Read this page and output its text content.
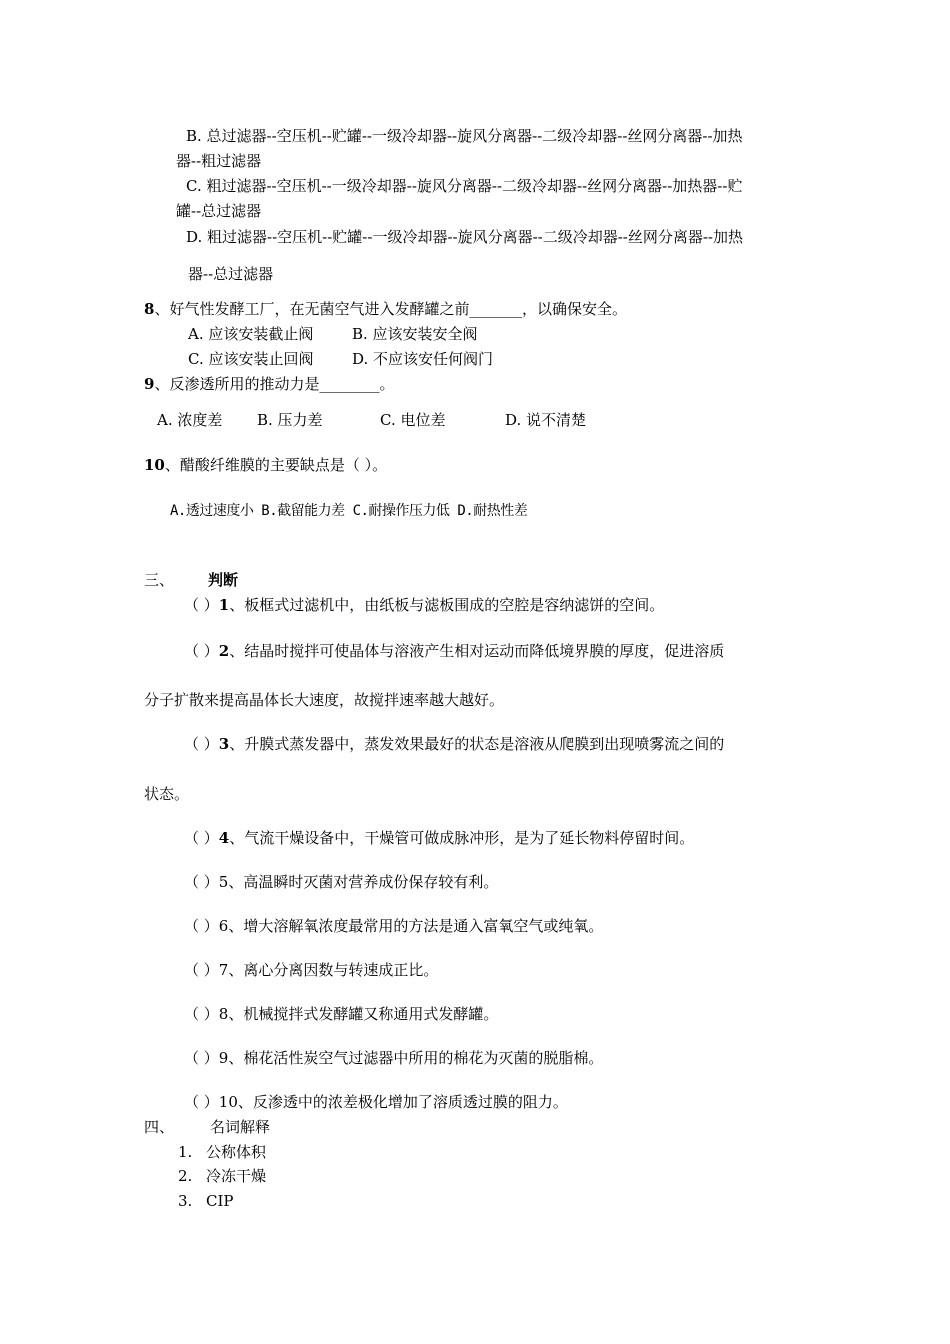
B. 总过滤器--空压机--贮罐--一级冷却器--旋风分离器--二级冷却器--丝网分离器--加热
器--粗过滤器
C. 粗过滤器--空压机--一级冷却器--旋风分离器--二级冷却器--丝网分离器--加热器--贮
罐--总过滤器
D. 粗过滤器--空压机--贮罐--一级冷却器--旋风分离器--二级冷却器--丝网分离器--加热
器--总过滤器
8、好气性发酵工厂，在无菌空气进入发酵罐之前_______，以确保安全。
A. 应该安装截止阀	B. 应该安装安全阀
C. 应该安装止回阀	D. 不应该安任何阀门
9、反渗透所用的推动力是________。
A. 浓度差 B. 压力差	C. 电位差	D. 说不清楚
10、醋酸纤维膜的主要缺点是（ ）。
A.透过速度小 B.截留能力差 C.耐操作压力低 D.耐热性差
三、 判断
（ ）1、板框式过滤机中，由纸板与滤板围成的空腔是容纳滤饼的空间。
（ ）2、结晶时搅拌可使晶体与溶液产生相对运动而降低境界膜的厚度，促进溶质
分子扩散来提高晶体长大速度，故搅拌速率越大越好。
（ ）3、升膜式蒸发器中，蒸发效果最好的状态是溶液从爬膜到出现喷雾流之间的
状态。
（ ）4、气流干燥设备中，干燥管可做成脉冲形，是为了延长物料停留时间。
（ ）5、高温瞬时灭菌对营养成份保存较有利。
（ ）6、增大溶解氧浓度最常用的方法是通入富氧空气或纯氧。
（ ）7、离心分离因数与转速成正比。
（ ）8、机械搅拌式发酵罐又称通用式发酵罐。
（ ）9、棉花活性炭空气过滤器中所用的棉花为灭菌的脱脂棉。
（ ）10、反渗透中的浓差极化增加了溶质透过膜的阻力。
四、 名词解释
1. 公称体积
2. 冷冻干燥
3. CIP
